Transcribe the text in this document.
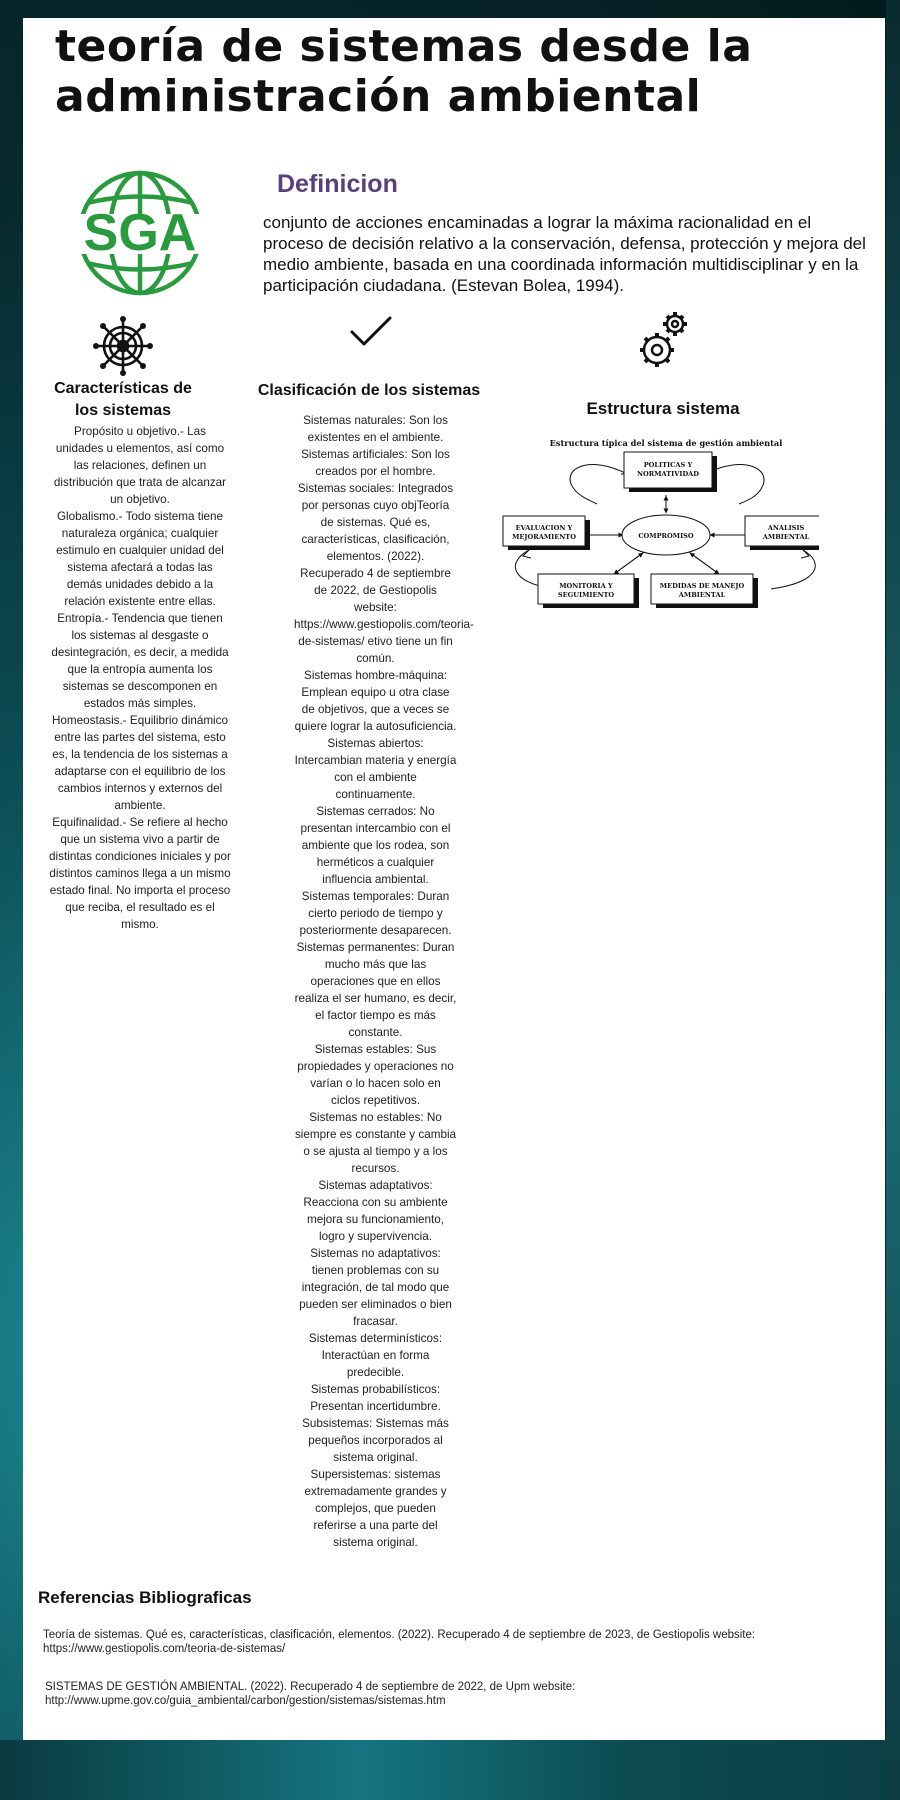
teoría de sistemas desde la administración ambiental
SGA
Definicion

conjunto de acciones encaminadas a lograr la máxima racionalidad en el proceso de decisión relativo a la conservación, defensa, protección y mejora del medio ambiente, basada en una coordinada información multidisciplinar y en la participación ciudadana. (Estevan Bolea, 1994).

Características de los sistemas
Propósito u objetivo.- Las unidades u elementos, así como las relaciones, definen un distribución que trata de alcanzar un objetivo.
Globalismo.- Todo sistema tiene naturaleza orgánica; cualquier estimulo en cualquier unidad del sistema afectará a todas las demás unidades debido a la relación existente entre ellas.
Entropía.- Tendencia que tienen los sistemas al desgaste o desintegración, es decir, a medida que la entropía aumenta los sistemas se descomponen en estados más simples.
Homeostasis.- Equilibrio dinámico entre las partes del sistema, esto es, la tendencia de los sistemas a adaptarse con el equilibrio de los cambios internos y externos del ambiente.
Equifinalidad.- Se refiere al hecho que un sistema vivo a partir de distintas condiciones iniciales y por distintos caminos llega a un mismo estado final. No importa el proceso que reciba, el resultado es el mismo.
Clasificación de los sistemas
Sistemas naturales: Son los existentes en el ambiente.
Sistemas artificiales: Son los creados por el hombre.
Sistemas sociales: Integrados por personas cuyo objTeoría de sistemas. Qué es, características, clasificación, elementos. (2022). Recuperado 4 de septiembre de 2022, de Gestiopolis website: https://www.gestiopolis.com/teoria-de-sistemas/ etivo tiene un fin común.
Sistemas hombre-máquina: Emplean equipo u otra clase de objetivos, que a veces se quiere lograr la autosuficiencia.
Sistemas abiertos: Intercambian materia y energía con el ambiente continuamente.
Sistemas cerrados: No presentan intercambio con el ambiente que los rodea, son herméticos a cualquier influencia ambiental.
Sistemas temporales: Duran cierto periodo de tiempo y posteriormente desaparecen.
Sistemas permanentes: Duran mucho más que las operaciones que en ellos realiza el ser humano, es decir, el factor tiempo es más constante.
Sistemas estables: Sus propiedades y operaciones no varían o lo hacen solo en ciclos repetitivos.
Sistemas no estables: No siempre es constante y cambia o se ajusta al tiempo y a los recursos.
Sistemas adaptativos: Reacciona con su ambiente mejora su funcionamiento, logro y supervivencia.
Sistemas no adaptativos: tienen problemas con su integración, de tal modo que pueden ser eliminados o bien fracasar.
Sistemas determinísticos: Interactúan en forma predecible.
Sistemas probabilísticos: Presentan incertidumbre.
Subsistemas: Sistemas más pequeños incorporados al sistema original.
Supersistemas: sistemas extremadamente grandes y complejos, que pueden referirse a una parte del sistema original.
Estructura sistema
Estructura típica del sistema de gestión ambiental
POLITICAS Y
NORMATIVIDAD
EVALUACION Y
MEJORAMIENTO
ANALISIS
AMBIENTAL
COMPROMISO
MONITORIA Y
SEGUIMIENTO
MEDIDAS DE MANEJO
AMBIENTAL
Referencias Bibliograficas

Teoría de sistemas. Qué es, características, clasificación, elementos. (2022). Recuperado 4 de septiembre de 2023, de Gestiopolis website: https://www.gestiopolis.com/teoria-de-sistemas/

SISTEMAS DE GESTIÓN AMBIENTAL. (2022). Recuperado 4 de septiembre de 2022, de Upm website: http://www.upme.gov.co/guia_ambiental/carbon/gestion/sistemas/sistemas.htm
